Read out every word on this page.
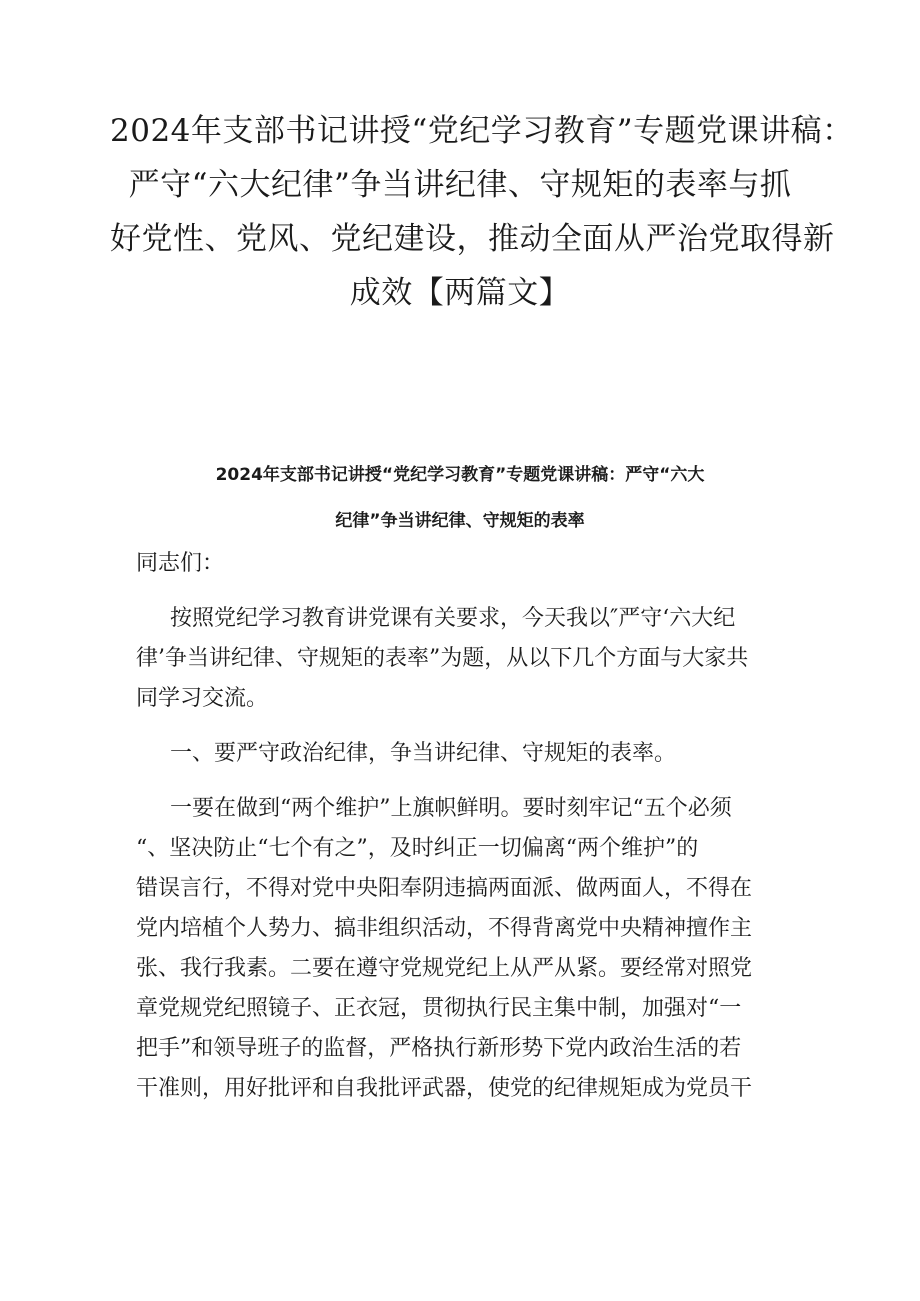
2024年支部书记讲授“党纪学习教育”专题党课讲稿：
严守“六大纪律”争当讲纪律、守规矩的表率与抓
好党性、党风、党纪建设，推动全面从严治党取得新
成效【两篇文】
2024年支部书记讲授“党纪学习教育”专题党课讲稿：严守“六大
纪律”争当讲纪律、守规矩的表率

同志们：

按照党纪学习教育讲党课有关要求，今天我以″严守‘六大纪

律’争当讲纪律、守规矩的表率”为题，从以下几个方面与大家共

同学习交流。

一、要严守政治纪律，争当讲纪律、守规矩的表率。

一要在做到“两个维护”上旗帜鲜明。要时刻牢记“五个必须

“、坚决防止“七个有之”，及时纠正一切偏离“两个维护”的

错误言行，不得对党中央阳奉阴违搞两面派、做两面人，不得在

党内培植个人势力、搞非组织活动，不得背离党中央精神擅作主

张、我行我素。二要在遵守党规党纪上从严从紧。要经常对照党

章党规党纪照镜子、正衣冠，贯彻执行民主集中制，加强对“一

把手”和领导班子的监督，严格执行新形势下党内政治生活的若

干准则，用好批评和自我批评武器，使党的纪律规矩成为党员干
